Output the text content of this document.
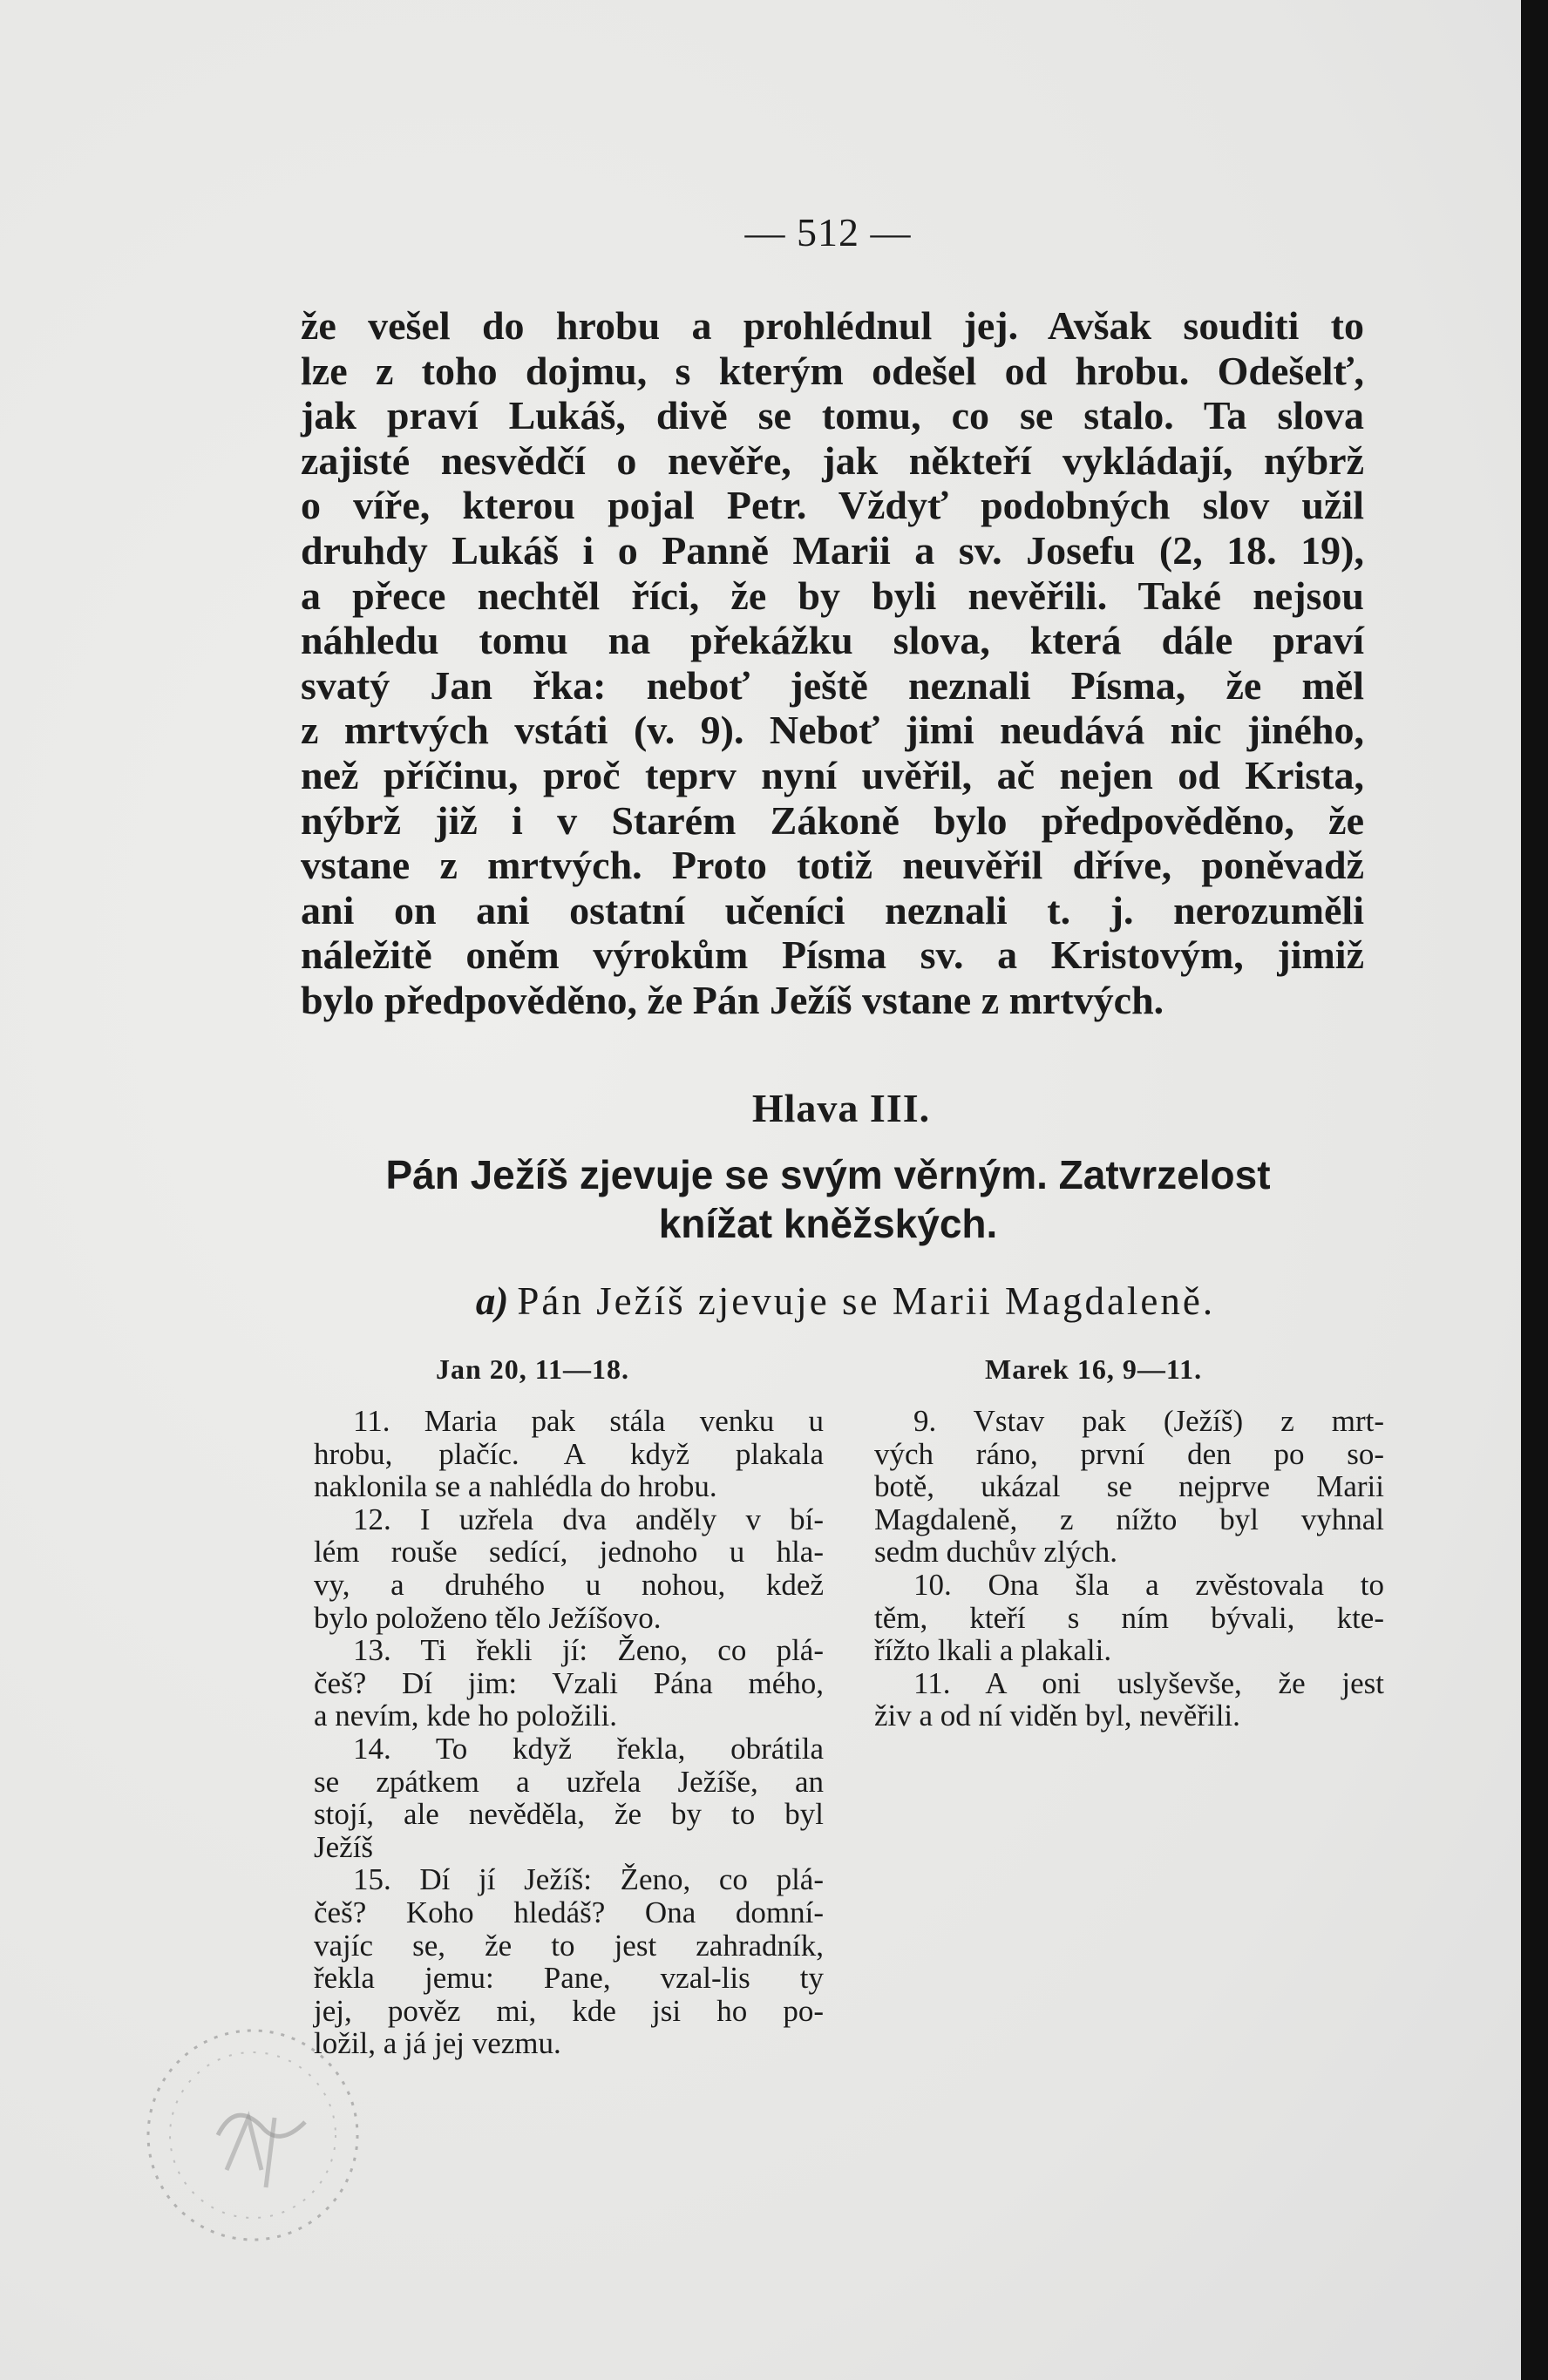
— 512 —
že vešel do hrobu a prohlédnul jej. Avšak souditi to
lze z toho dojmu, s kterým odešel od hrobu. Odešelť,
jak praví Lukáš, divě se tomu, co se stalo. Ta slova
zajisté nesvědčí o nevěře, jak někteří vykládají, nýbrž
o víře, kterou pojal Petr. Vždyť podobných slov užil
druhdy Lukáš i o Panně Marii a sv. Josefu (2, 18. 19),
a přece nechtěl říci, že by byli nevěřili. Také nejsou
náhledu tomu na překážku slova, která dále praví
svatý Jan řka: neboť ještě neznali Písma, že měl
z mrtvých vstáti (v. 9). Neboť jimi neudává nic jiného,
než příčinu, proč teprv nyní uvěřil, ač nejen od Krista,
nýbrž již i v Starém Zákoně bylo předpověděno, že
vstane z mrtvých. Proto totiž neuvěřil dříve, poněvadž
ani on ani ostatní učeníci neznali t. j. nerozuměli
náležitě oněm výrokům Písma sv. a Kristovým, jimiž
bylo předpověděno, že Pán Ježíš vstane z mrtvých.
Hlava III.
Pán Ježíš zjevuje se svým věrným. Zatvrzelost
knížat kněžských.
a) Pán Ježíš zjevuje se Marii Magdaleně.
Jan 20, 11—18.	Marek 16, 9—11.
11. Maria pak stála venku u
hrobu, plačíc. A když plakala
naklonila se a nahlédla do hrobu.
12. I uzřela dva anděly v bí-
lém rouše sedící, jednoho u hla-
vy, a druhého u nohou, kdež
bylo položeno tělo Ježíšovo.
13. Ti řekli jí: Ženo, co plá-
češ? Dí jim: Vzali Pána mého,
a nevím, kde ho položili.
14. To když řekla, obrátila
se zpátkem a uzřela Ježíše, an
stojí, ale nevěděla, že by to byl
Ježíš
15. Dí jí Ježíš: Ženo, co plá-
češ? Koho hledáš? Ona domní-
vajíc se, že to jest zahradník,
řekla jemu: Pane, vzal-lis ty
jej, pověz mi, kde jsi ho po-
ložil, a já jej vezmu.
9. Vstav pak (Ježíš) z mrt-
vých ráno, první den po so-
botě, ukázal se nejprve Marii
Magdaleně, z nížto byl vyhnal
sedm duchův zlých.
10. Ona šla a zvěstovala to
těm, kteří s ním bývali, kte-
řížto lkali a plakali.
11. A oni uslyševše, že jest
živ a od ní viděn byl, nevěřili.
